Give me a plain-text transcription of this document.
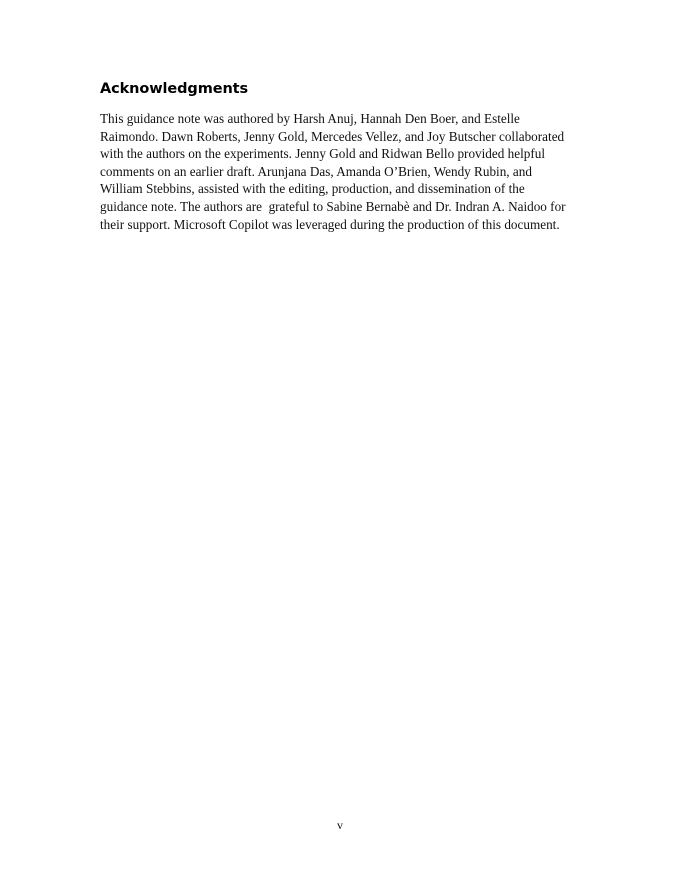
Acknowledgments

This guidance note was authored by Harsh Anuj, Hannah Den Boer, and Estelle
Raimondo. Dawn Roberts, Jenny Gold, Mercedes Vellez, and Joy Butscher collaborated
with the authors on the experiments. Jenny Gold and Ridwan Bello provided helpful
comments on an earlier draft. Arunjana Das, Amanda O’Brien, Wendy Rubin, and
William Stebbins, assisted with the editing, production, and dissemination of the
guidance note. The authors are  grateful to Sabine Bernabè and Dr. Indran A. Naidoo for
their support. Microsoft Copilot was leveraged during the production of this document.

v
